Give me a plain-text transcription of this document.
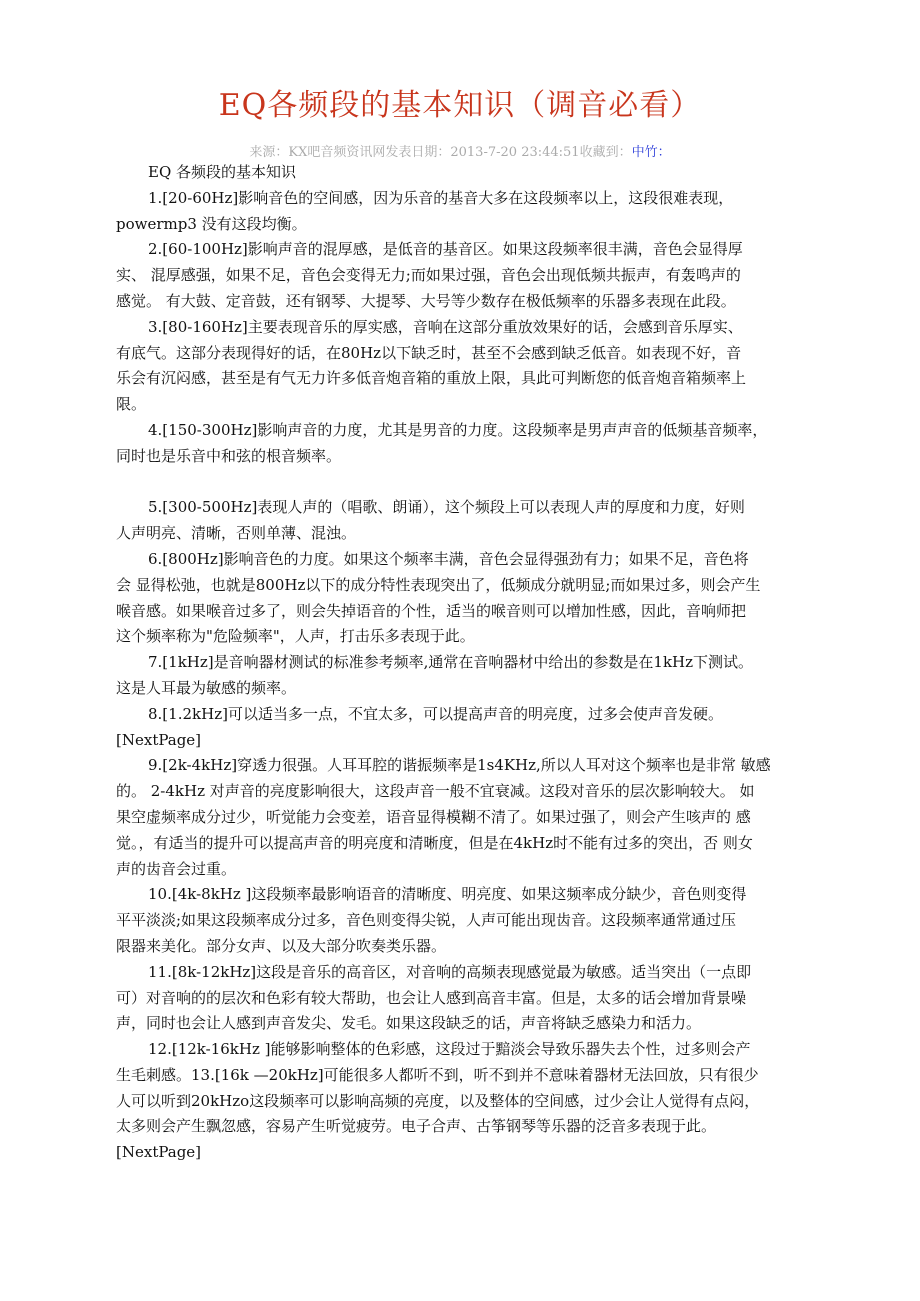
EQ各频段的基本知识（调音必看）
来源：KX吧音频资讯网发表日期：2013-7-20 23:44:51收藏到：中竹：
EQ 各频段的基本知识
1.[20-60Hz]影响音色的空间感，因为乐音的基音大多在这段频率以上，这段很难表现，
powermp3 没有这段均衡。
2.[60-100Hz]影响声音的混厚感，是低音的基音区。如果这段频率很丰满，音色会显得厚
实、 混厚感强，如果不足，音色会变得无力;而如果过强，音色会出现低频共振声，有轰鸣声的
感觉。 有大鼓、定音鼓，还有钢琴、大提琴、大号等少数存在极低频率的乐器多表现在此段。
3.[80-160Hz]主要表现音乐的厚实感，音响在这部分重放效果好的话，会感到音乐厚实、
有底气。这部分表现得好的话，在80Hz以下缺乏时，甚至不会感到缺乏低音。如表现不好，音
乐会有沉闷感，甚至是有气无力许多低音炮音箱的重放上限，具此可判断您的低音炮音箱频率上
限。
4.[150-300Hz]影响声音的力度，尤其是男音的力度。这段频率是男声声音的低频基音频率，
同时也是乐音中和弦的根音频率。
5.[300-500Hz]表现人声的（唱歌、朗诵），这个频段上可以表现人声的厚度和力度，好则
人声明亮、清晰，否则单薄、混浊。
6.[800Hz]影响音色的力度。如果这个频率丰满，音色会显得强劲有力；如果不足，音色将
会 显得松弛，也就是800Hz以下的成分特性表现突出了，低频成分就明显;而如果过多，则会产生
喉音感。如果喉音过多了，则会失掉语音的个性，适当的喉音则可以增加性感，因此，音响师把
这个频率称为"危险频率"，人声，打击乐多表现于此。
7.[1kHz]是音响器材测试的标准参考频率,通常在音响器材中给出的参数是在1kHz下测试。
这是人耳最为敏感的频率。
8.[1.2kHz]可以适当多一点，不宜太多，可以提高声音的明亮度，过多会使声音发硬。
[NextPage]
9.[2k-4kHz]穿透力很强。人耳耳腔的谐振频率是1s4KHz,所以人耳对这个频率也是非常 敏感
的。 2-4kHz 对声音的亮度影响很大，这段声音一般不宜衰减。这段对音乐的层次影响较大。 如
果空虚频率成分过少，听觉能力会变差，语音显得模糊不清了。如果过强了，则会产生咳声的 感
觉。，有适当的提升可以提高声音的明亮度和清晰度，但是在4kHz时不能有过多的突出，否 则女
声的齿音会过重。
10.[4k-8kHz ]这段频率最影响语音的清晰度、明亮度、如果这频率成分缺少，音色则变得
平平淡淡;如果这段频率成分过多，音色则变得尖锐，人声可能出现齿音。这段频率通常通过压
限器来美化。部分女声、以及大部分吹奏类乐器。
11.[8k-12kHz]这段是音乐的高音区，对音响的高频表现感觉最为敏感。适当突出（一点即
可）对音响的的层次和色彩有较大帮助，也会让人感到高音丰富。但是，太多的话会增加背景噪
声，同时也会让人感到声音发尖、发毛。如果这段缺乏的话，声音将缺乏感染力和活力。
12.[12k-16kHz ]能够影响整体的色彩感，这段过于黯淡会导致乐器失去个性，过多则会产
生毛刺感。13.[16k —20kHz]可能很多人都听不到，听不到并不意味着器材无法回放，只有很少
人可以听到20kHzo这段频率可以影响高频的亮度，以及整体的空间感，过少会让人觉得有点闷，
太多则会产生飘忽感，容易产生听觉疲劳。电子合声、古筝钢琴等乐器的泛音多表现于此。
[NextPage]
